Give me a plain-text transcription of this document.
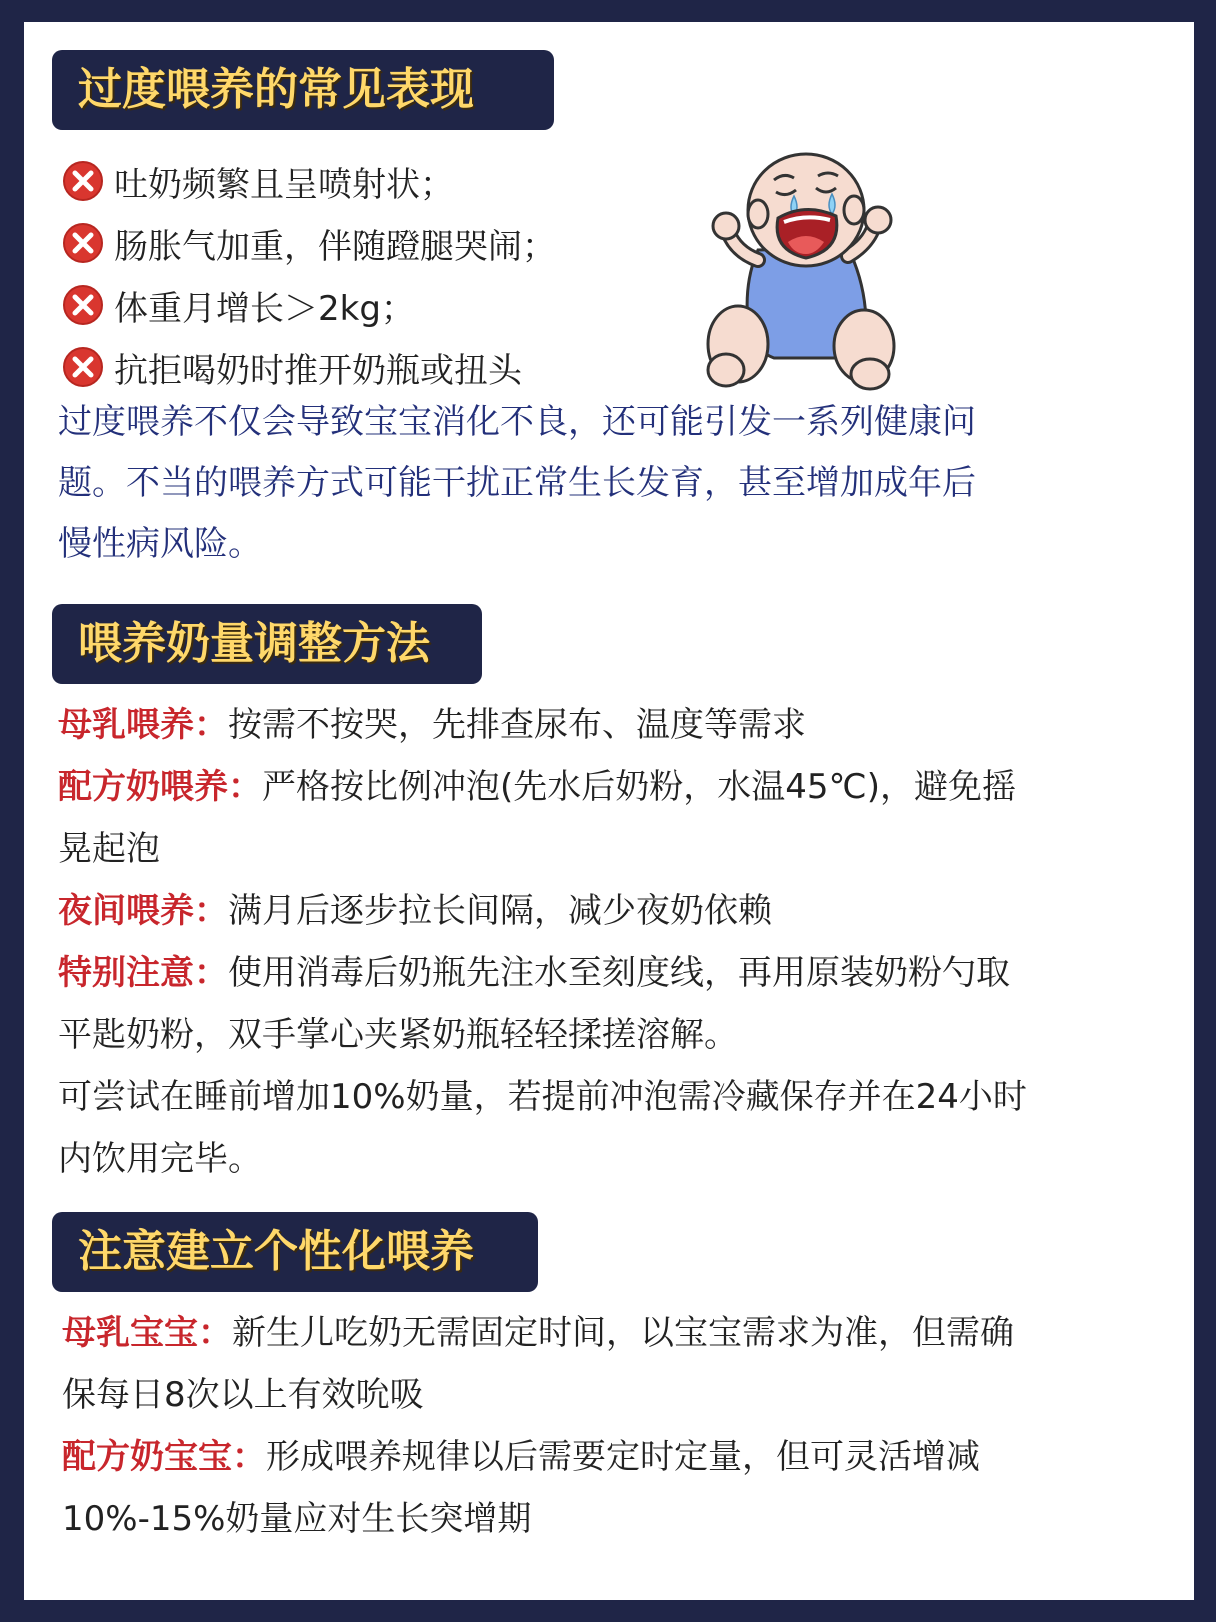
过度喂养的常见表现
吐奶频繁且呈喷射状；
肠胀气加重，伴随蹬腿哭闹；
体重月增长＞2kg；
抗拒喝奶时推开奶瓶或扭头
过度喂养不仅会导致宝宝消化不良，还可能引发一系列健康问
题。不当的喂养方式可能干扰正常生长发育，甚至增加成年后
慢性病风险。
喂养奶量调整方法

母乳喂养：按需不按哭，先排查尿布、温度等需求

配方奶喂养：严格按比例冲泡(先水后奶粉，水温45℃)，避免摇
晃起泡

夜间喂养：满月后逐步拉长间隔，减少夜奶依赖

特别注意：使用消毒后奶瓶先注水至刻度线，再用原装奶粉勺取
平匙奶粉，双手掌心夹紧奶瓶轻轻揉搓溶解。

可尝试在睡前增加10%奶量，若提前冲泡需冷藏保存并在24小时
内饮用完毕。

注意建立个性化喂养

母乳宝宝：新生儿吃奶无需固定时间，以宝宝需求为准，但需确
保每日8次以上有效吮吸

配方奶宝宝：形成喂养规律以后需要定时定量，但可灵活增减
10%-15%奶量应对生长突增期
